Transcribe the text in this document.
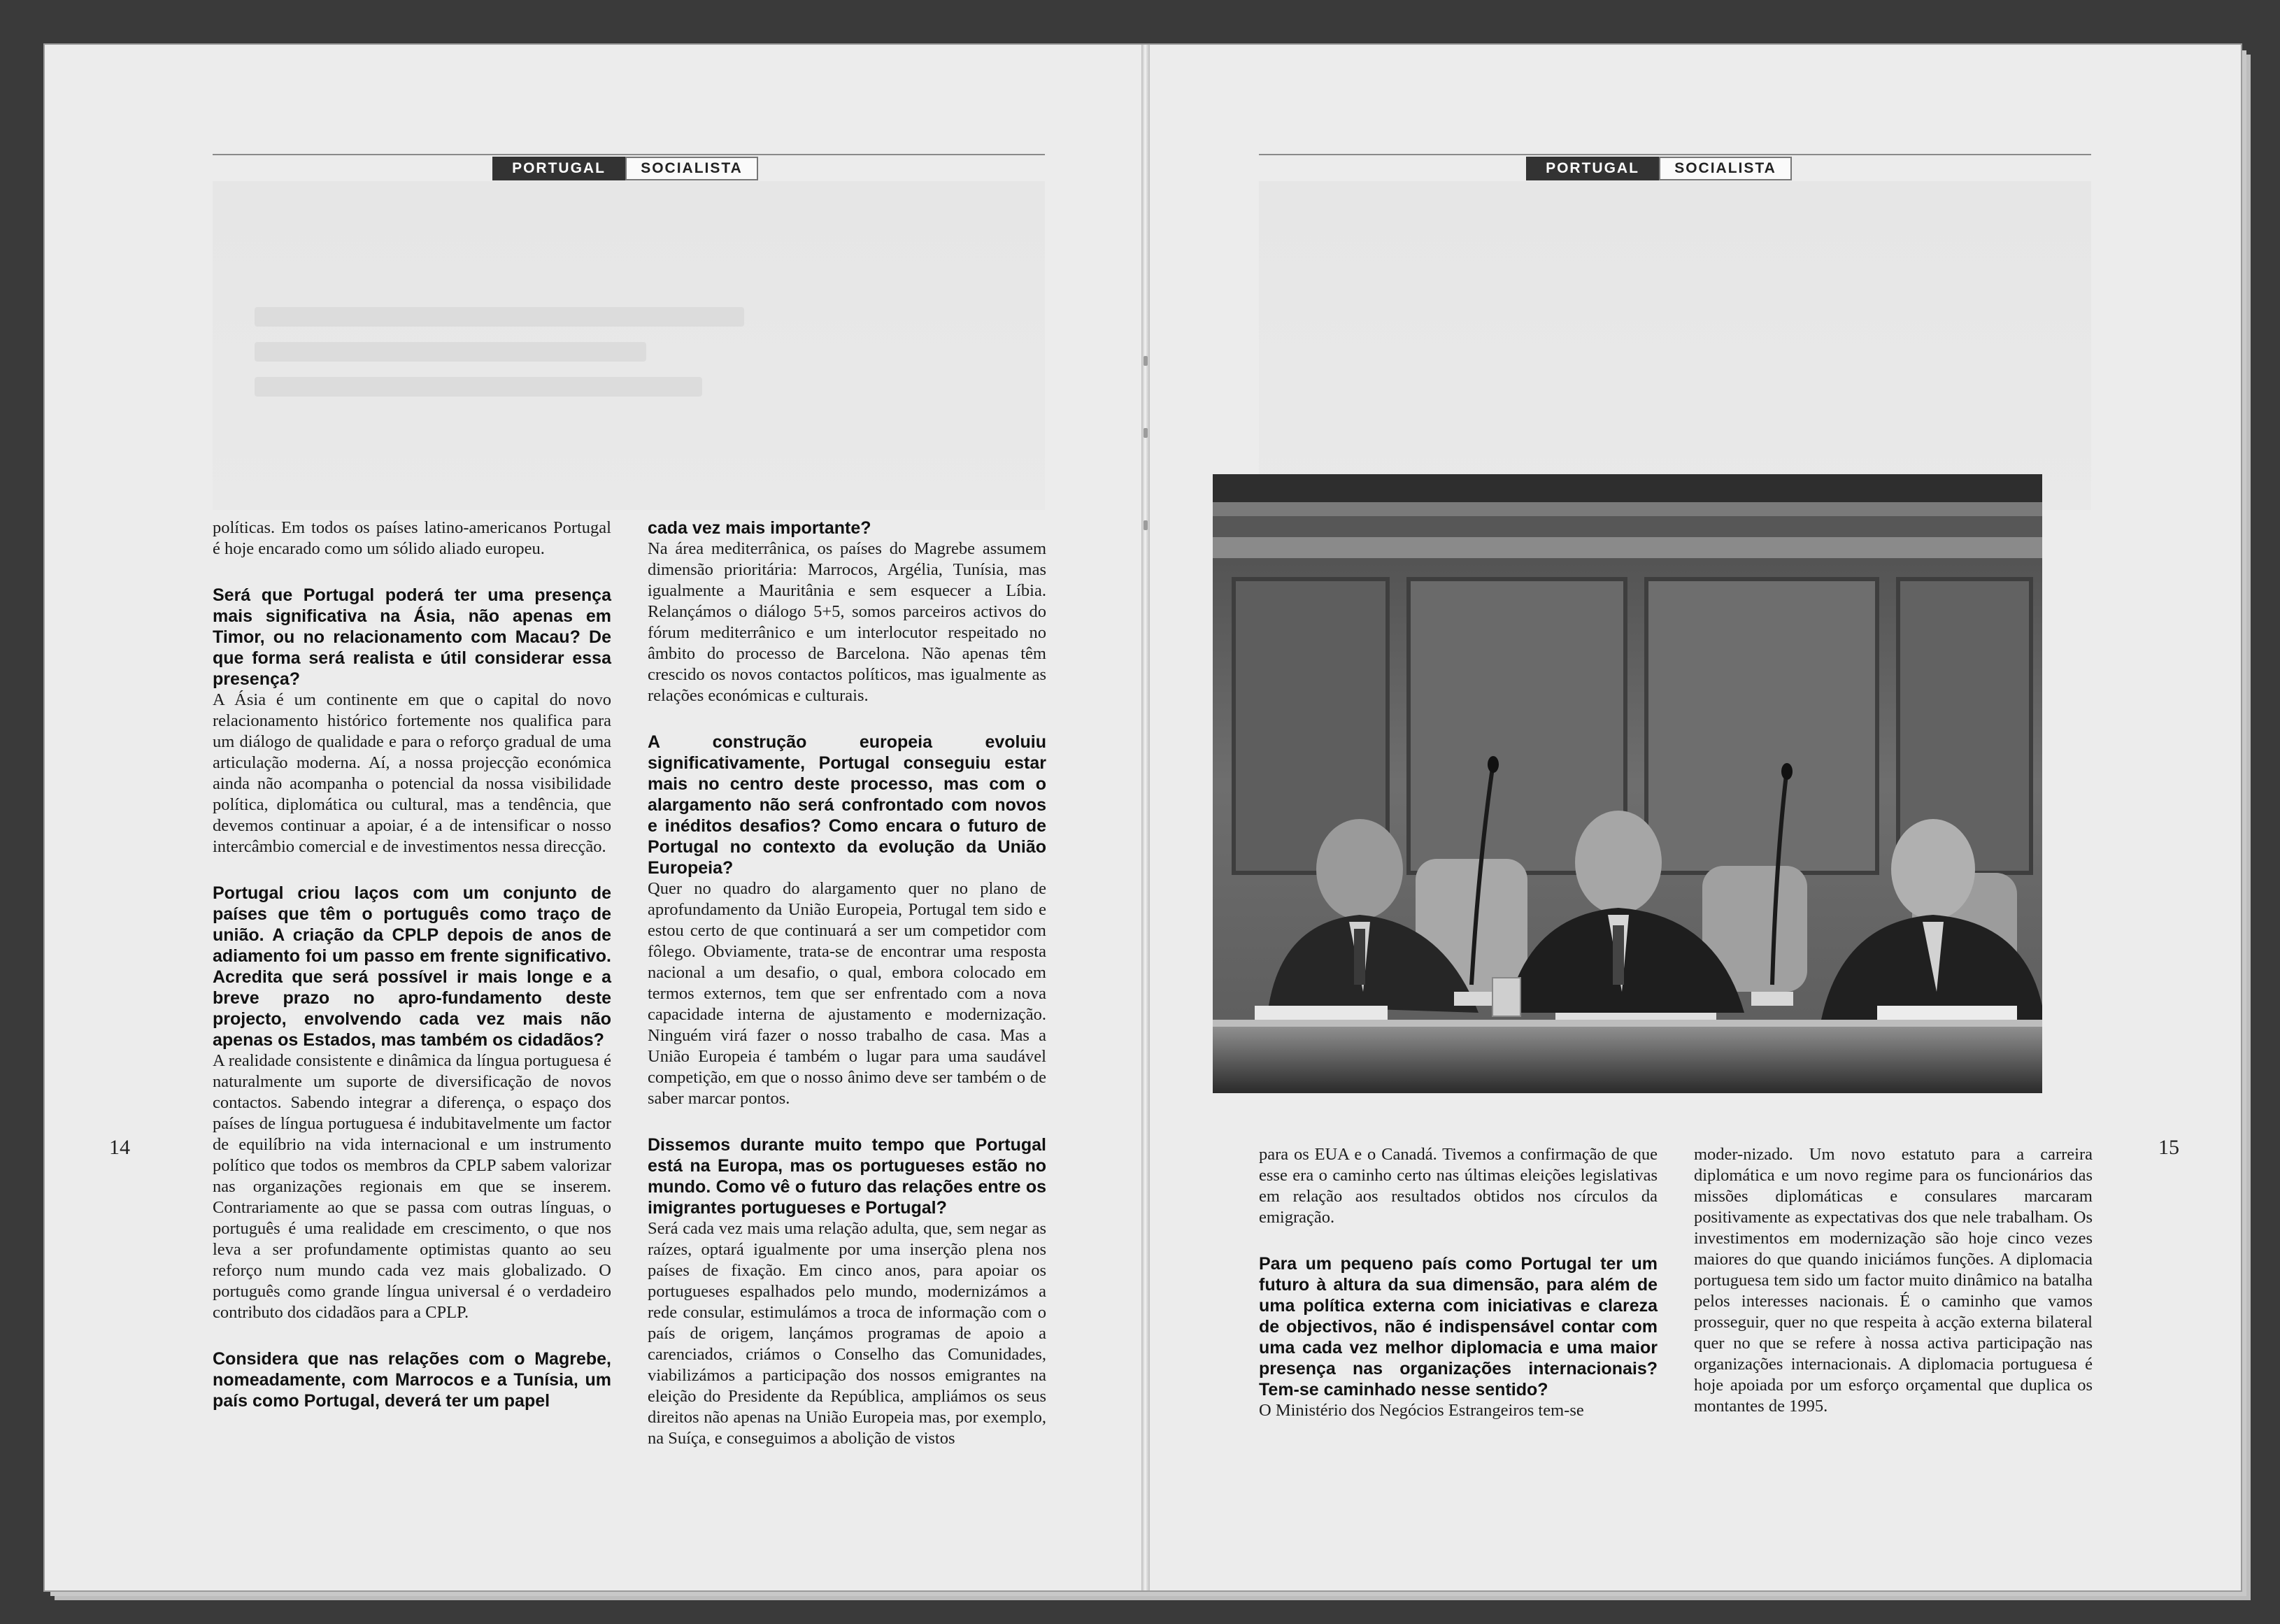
PORTUGAL	SOCIALISTA

políticas. Em todos os países latino-americanos Portugal é hoje encarado como um sólido aliado europeu.

Será que Portugal poderá ter uma presença mais significativa na Ásia, não apenas em Timor, ou no relacionamento com Macau? De que forma será realista e útil considerar essa presença?

A Ásia é um continente em que o capital do novo relacionamento histórico fortemente nos qualifica para um diálogo de qualidade e para o reforço gradual de uma articulação moderna. Aí, a nossa projecção económica ainda não acompanha o potencial da nossa visibilidade política, diplomática ou cultural, mas a tendência, que devemos continuar a apoiar, é a de intensificar o nosso intercâmbio comercial e de investimentos nessa direcção.

Portugal criou laços com um conjunto de países que têm o português como traço de união. A criação da CPLP depois de anos de adiamento foi um passo em frente significativo. Acredita que será possível ir mais longe e a breve prazo no apro-fundamento deste projecto, envolvendo cada vez mais não apenas os Estados, mas também os cidadãos?

A realidade consistente e dinâmica da língua portuguesa é naturalmente um suporte de diversificação de novos contactos. Sabendo integrar a diferença, o espaço dos países de língua portuguesa é indubitavelmente um factor de equilíbrio na vida internacional e um instrumento político que todos os membros da CPLP sabem valorizar nas organizações regionais em que se inserem. Contrariamente ao que se passa com outras línguas, o português é uma realidade em crescimento, o que nos leva a ser profundamente optimistas quanto ao seu reforço num mundo cada vez mais globalizado. O português como grande língua universal é o verdadeiro contributo dos cidadãos para a CPLP.

Considera que nas relações com o Magrebe, nomeadamente, com Marrocos e a Tunísia, um país como Portugal, deverá ter um papel

cada vez mais importante?

Na área mediterrânica, os países do Magrebe assumem dimensão prioritária: Marrocos, Argélia, Tunísia, mas igualmente a Mauritânia e sem esquecer a Líbia. Relançámos o diálogo 5+5, somos parceiros activos do fórum mediterrânico e um interlocutor respeitado no âmbito do processo de Barcelona. Não apenas têm crescido os novos contactos políticos, mas igualmente as relações económicas e culturais.

A construção europeia evoluiu significativamente, Portugal conseguiu estar mais no centro deste processo, mas com o alargamento não será confrontado com novos e inéditos desafios? Como encara o futuro de Portugal no contexto da evolução da União Europeia?

Quer no quadro do alargamento quer no plano de aprofundamento da União Europeia, Portugal tem sido e estou certo de que continuará a ser um competidor com fôlego. Obviamente, trata-se de encontrar uma resposta nacional a um desafio, o qual, embora colocado em termos externos, tem que ser enfrentado com a nova capacidade interna de ajustamento e modernização. Ninguém virá fazer o nosso trabalho de casa. Mas a União Europeia é também o lugar para uma saudável competição, em que o nosso ânimo deve ser também o de saber marcar pontos.

Dissemos durante muito tempo que Portugal está na Europa, mas os portugueses estão no mundo. Como vê o futuro das relações entre os imigrantes portugueses e Portugal?

Será cada vez mais uma relação adulta, que, sem negar as raízes, optará igualmente por uma inserção plena nos países de fixação. Em cinco anos, para apoiar os portugueses espalhados pelo mundo, modernizámos a rede consular, estimulámos a troca de informação com o país de origem, lançámos programas de apoio a carenciados, criámos o Conselho das Comunidades, viabilizámos a participação dos nossos emigrantes na eleição do Presidente da República, ampliámos os seus direitos não apenas na União Europeia mas, por exemplo, na Suíça, e conseguimos a abolição de vistos

14
PORTUGAL	SOCIALISTA

para os EUA e o Canadá. Tivemos a confirmação de que esse era o caminho certo nas últimas eleições legislativas em relação aos resultados obtidos nos círculos da emigração.

Para um pequeno país como Portugal ter um futuro à altura da sua dimensão, para além de uma política externa com iniciativas e clareza de objectivos, não é indispensável contar com uma cada vez melhor diplomacia e uma maior presença nas organizações internacionais? Tem-se caminhado nesse sentido?

O Ministério dos Negócios Estrangeiros tem-se

moder-nizado. Um novo estatuto para a carreira diplomática e um novo regime para os funcionários das missões diplomáticas e consulares marcaram positivamente as expectativas dos que nele trabalham. Os investimentos em modernização são hoje cinco vezes maiores do que quando iniciámos funções. A diplomacia portuguesa tem sido um factor muito dinâmico na batalha pelos interesses nacionais. É o caminho que vamos prosseguir, quer no que respeita à acção externa bilateral quer no que se refere à nossa activa participação nas organizações internacionais. A diplomacia portuguesa é hoje apoiada por um esforço orçamental que duplica os montantes de 1995.

15
